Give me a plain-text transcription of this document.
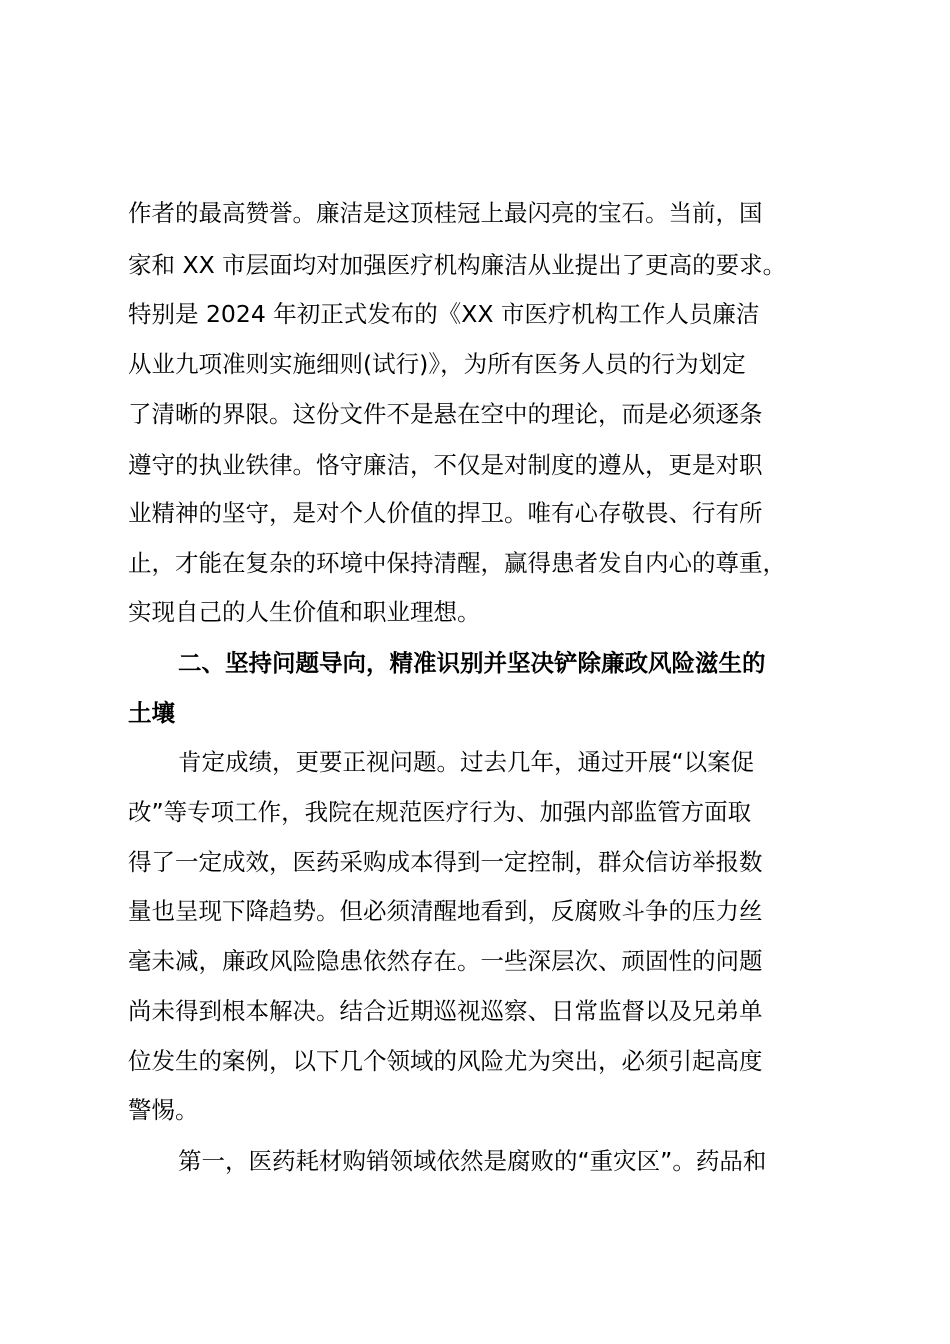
作者的最高赞誉。廉洁是这顶桂冠上最闪亮的宝石。当前，国
家和 XX 市层面均对加强医疗机构廉洁从业提出了更高的要求。
特别是 2024 年初正式发布的《XX 市医疗机构工作人员廉洁
从业九项准则实施细则(试行)》，为所有医务人员的行为划定
了清晰的界限。这份文件不是悬在空中的理论，而是必须逐条
遵守的执业铁律。恪守廉洁，不仅是对制度的遵从，更是对职
业精神的坚守，是对个人价值的捍卫。唯有心存敬畏、行有所
止，才能在复杂的环境中保持清醒，赢得患者发自内心的尊重，
实现自己的人生价值和职业理想。
二、坚持问题导向，精准识别并坚决铲除廉政风险滋生的
土壤
肯定成绩，更要正视问题。过去几年，通过开展“以案促
改”等专项工作，我院在规范医疗行为、加强内部监管方面取
得了一定成效，医药采购成本得到一定控制，群众信访举报数
量也呈现下降趋势。但必须清醒地看到，反腐败斗争的压力丝
毫未减，廉政风险隐患依然存在。一些深层次、顽固性的问题
尚未得到根本解决。结合近期巡视巡察、日常监督以及兄弟单
位发生的案例，以下几个领域的风险尤为突出，必须引起高度
警惕。
第一，医药耗材购销领域依然是腐败的“重灾区”。药品和
